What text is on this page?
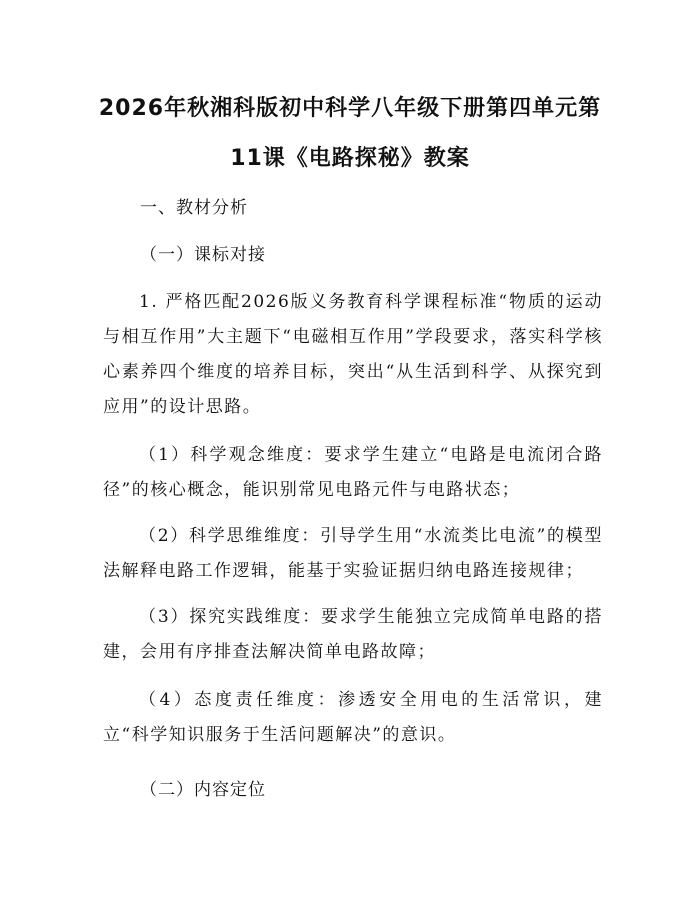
2026年秋湘科版初中科学八年级下册第四单元第11课《电路探秘》教案

一、教材分析

（一）课标对接

1. 严格匹配2026版义务教育科学课程标准“物质的运动与相互作用”大主题下“电磁相互作用”学段要求，落实科学核心素养四个维度的培养目标，突出“从生活到科学、从探究到应用”的设计思路。

（1）科学观念维度：要求学生建立“电路是电流闭合路径”的核心概念，能识别常见电路元件与电路状态；

（2）科学思维维度：引导学生用“水流类比电流”的模型法解释电路工作逻辑，能基于实验证据归纳电路连接规律；

（3）探究实践维度：要求学生能独立完成简单电路的搭建，会用有序排查法解决简单电路故障；

（4）态度责任维度：渗透安全用电的生活常识，建立“科学知识服务于生活问题解决”的意识。

（二）内容定位
